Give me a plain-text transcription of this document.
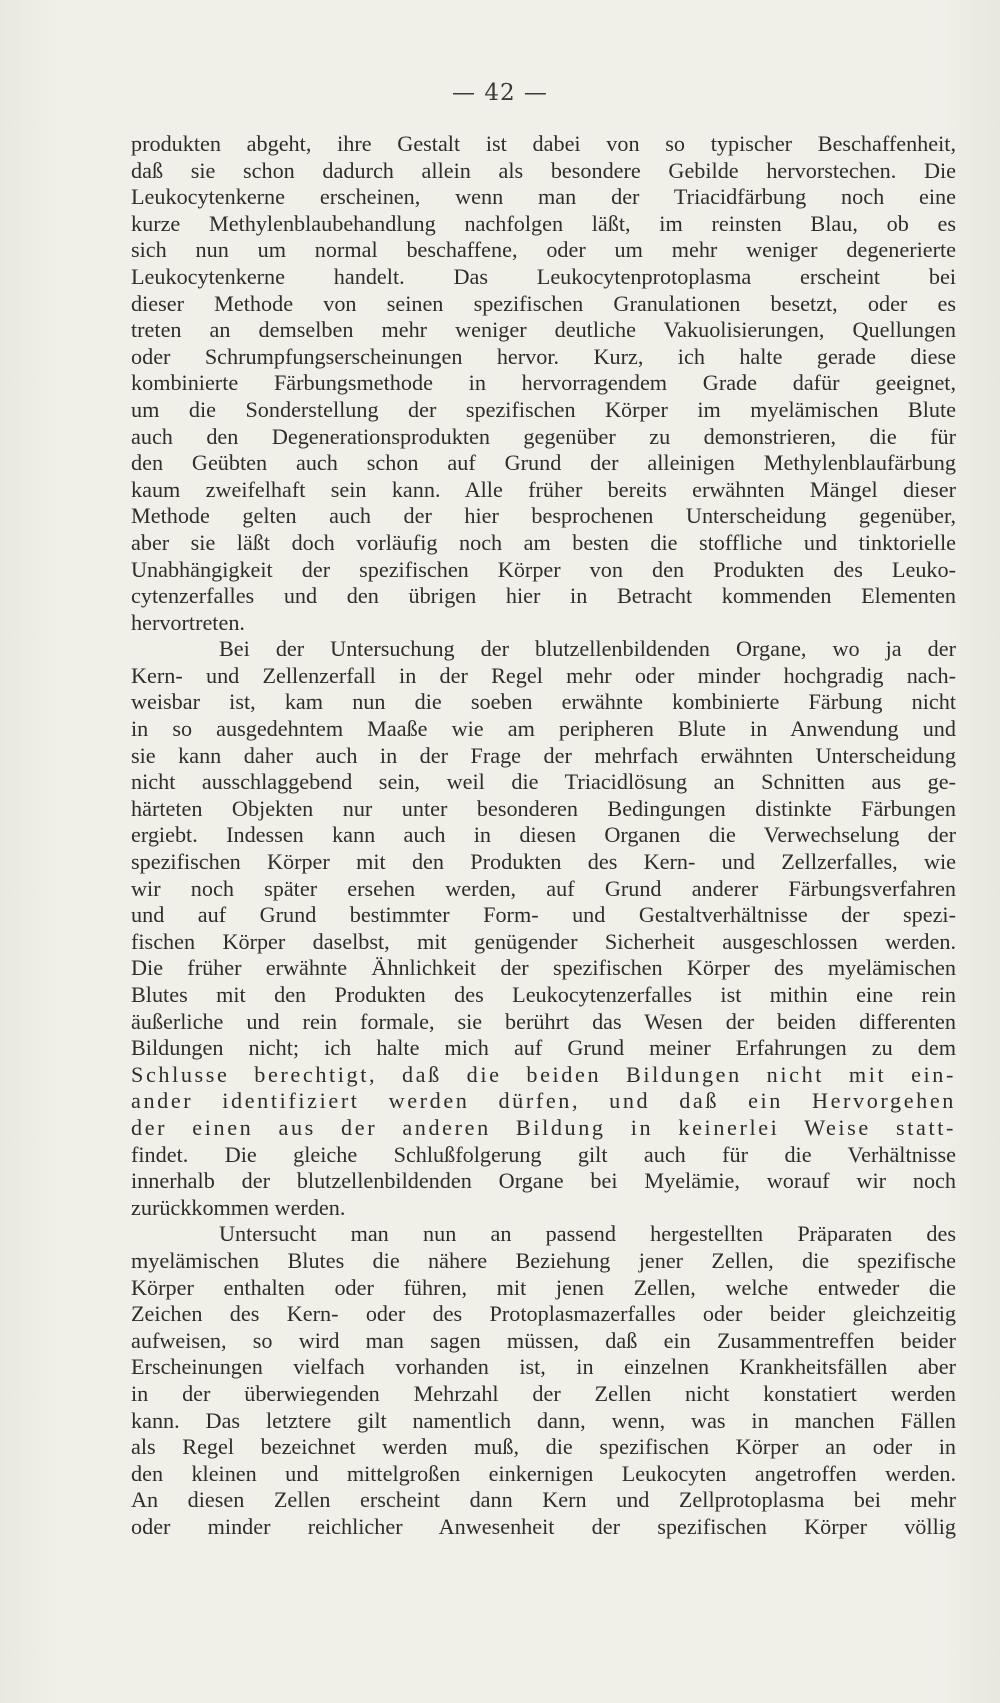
— 42 —
produkten abgeht, ihre Gestalt ist dabei von so typischer Beschaffenheit,
daß sie schon dadurch allein als besondere Gebilde hervorstechen. Die
Leukocytenkerne erscheinen, wenn man der Triacidfärbung noch eine
kurze Methylenblaubehandlung nachfolgen läßt, im reinsten Blau, ob es
sich nun um normal beschaffene, oder um mehr weniger degenerierte
Leukocytenkerne handelt. Das Leukocytenprotoplasma erscheint bei
dieser Methode von seinen spezifischen Granulationen besetzt, oder es
treten an demselben mehr weniger deutliche Vakuolisierungen, Quellungen
oder Schrumpfungserscheinungen hervor. Kurz, ich halte gerade diese
kombinierte Färbungsmethode in hervorragendem Grade dafür geeignet,
um die Sonderstellung der spezifischen Körper im myelämischen Blute
auch den Degenerationsprodukten gegenüber zu demonstrieren, die für
den Geübten auch schon auf Grund der alleinigen Methylenblaufärbung
kaum zweifelhaft sein kann. Alle früher bereits erwähnten Mängel dieser
Methode gelten auch der hier besprochenen Unterscheidung gegenüber,
aber sie läßt doch vorläufig noch am besten die stoffliche und tinktorielle
Unabhängigkeit der spezifischen Körper von den Produkten des Leuko-
cytenzerfalles und den übrigen hier in Betracht kommenden Elementen
hervortreten.
Bei der Untersuchung der blutzellenbildenden Organe, wo ja der
Kern- und Zellenzerfall in der Regel mehr oder minder hochgradig nach-
weisbar ist, kam nun die soeben erwähnte kombinierte Färbung nicht
in so ausgedehntem Maaße wie am peripheren Blute in Anwendung und
sie kann daher auch in der Frage der mehrfach erwähnten Unterscheidung
nicht ausschlaggebend sein, weil die Triacidlösung an Schnitten aus ge-
härteten Objekten nur unter besonderen Bedingungen distinkte Färbungen
ergiebt. Indessen kann auch in diesen Organen die Verwechselung der
spezifischen Körper mit den Produkten des Kern- und Zellzerfalles, wie
wir noch später ersehen werden, auf Grund anderer Färbungsverfahren
und auf Grund bestimmter Form- und Gestaltverhältnisse der spezi-
fischen Körper daselbst, mit genügender Sicherheit ausgeschlossen werden.
Die früher erwähnte Ähnlichkeit der spezifischen Körper des myelämischen
Blutes mit den Produkten des Leukocytenzerfalles ist mithin eine rein
äußerliche und rein formale, sie berührt das Wesen der beiden differenten
Bildungen nicht; ich halte mich auf Grund meiner Erfahrungen zu dem
Schlusse berechtigt, daß die beiden Bildungen nicht mit ein-
ander identifiziert werden dürfen, und daß ein Hervorgehen
der einen aus der anderen Bildung in keinerlei Weise statt-
findet. Die gleiche Schlußfolgerung gilt auch für die Verhältnisse
innerhalb der blutzellenbildenden Organe bei Myelämie, worauf wir noch
zurückkommen werden.
Untersucht man nun an passend hergestellten Präparaten des
myelämischen Blutes die nähere Beziehung jener Zellen, die spezifische
Körper enthalten oder führen, mit jenen Zellen, welche entweder die
Zeichen des Kern- oder des Protoplasmazerfalles oder beider gleichzeitig
aufweisen, so wird man sagen müssen, daß ein Zusammentreffen beider
Erscheinungen vielfach vorhanden ist, in einzelnen Krankheitsfällen aber
in der überwiegenden Mehrzahl der Zellen nicht konstatiert werden
kann. Das letztere gilt namentlich dann, wenn, was in manchen Fällen
als Regel bezeichnet werden muß, die spezifischen Körper an oder in
den kleinen und mittelgroßen einkernigen Leukocyten angetroffen werden.
An diesen Zellen erscheint dann Kern und Zellprotoplasma bei mehr
oder minder reichlicher Anwesenheit der spezifischen Körper völlig
